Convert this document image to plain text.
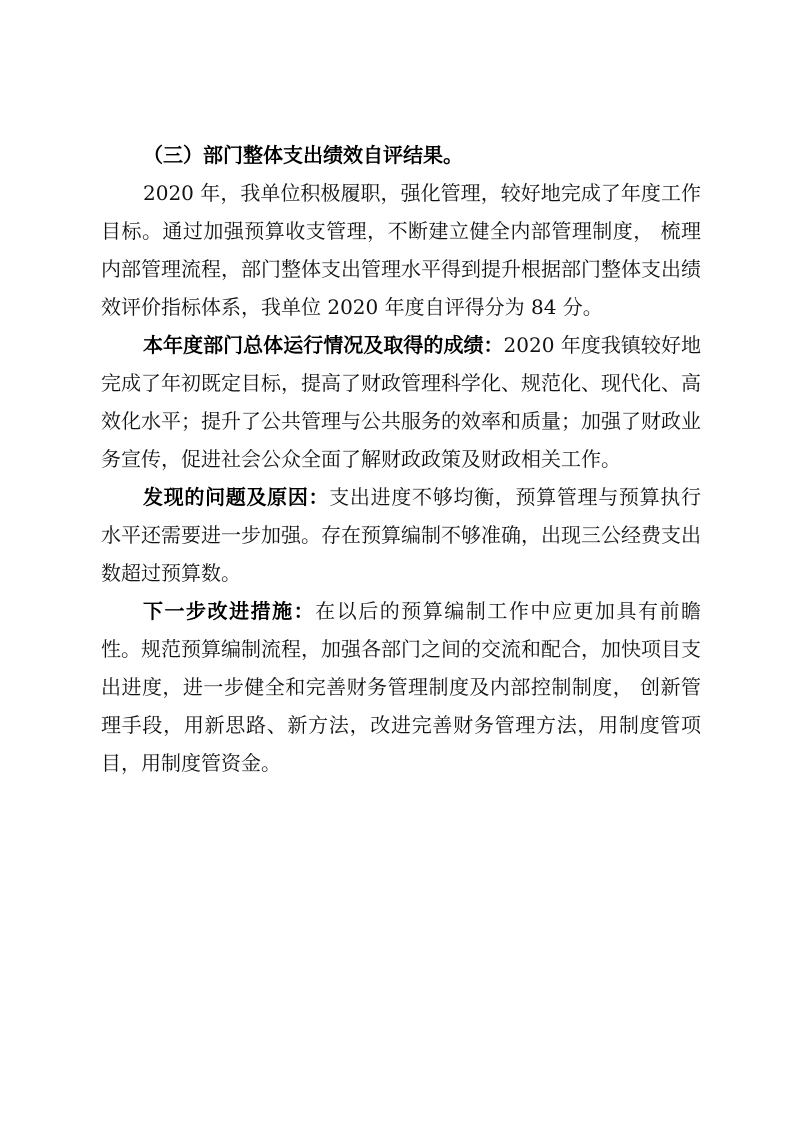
（三）部门整体支出绩效自评结果。

2020 年，我单位积极履职，强化管理，较好地完成了年度工作目标。通过加强预算收支管理，不断建立健全内部管理制度， 梳理内部管理流程，部门整体支出管理水平得到提升根据部门整体支出绩效评价指标体系，我单位 2020 年度自评得分为 84 分。

本年度部门总体运行情况及取得的成绩：2020 年度我镇较好地完成了年初既定目标，提高了财政管理科学化、规范化、现代化、高效化水平；提升了公共管理与公共服务的效率和质量；加强了财政业务宣传，促进社会公众全面了解财政政策及财政相关工作。

发现的问题及原因：支出进度不够均衡，预算管理与预算执行水平还需要进一步加强。存在预算编制不够准确，出现三公经费支出数超过预算数。

下一步改进措施：在以后的预算编制工作中应更加具有前瞻性。规范预算编制流程，加强各部门之间的交流和配合，加快项目支出进度，进一步健全和完善财务管理制度及内部控制制度， 创新管理手段，用新思路、新方法，改进完善财务管理方法，用制度管项目，用制度管资金。
